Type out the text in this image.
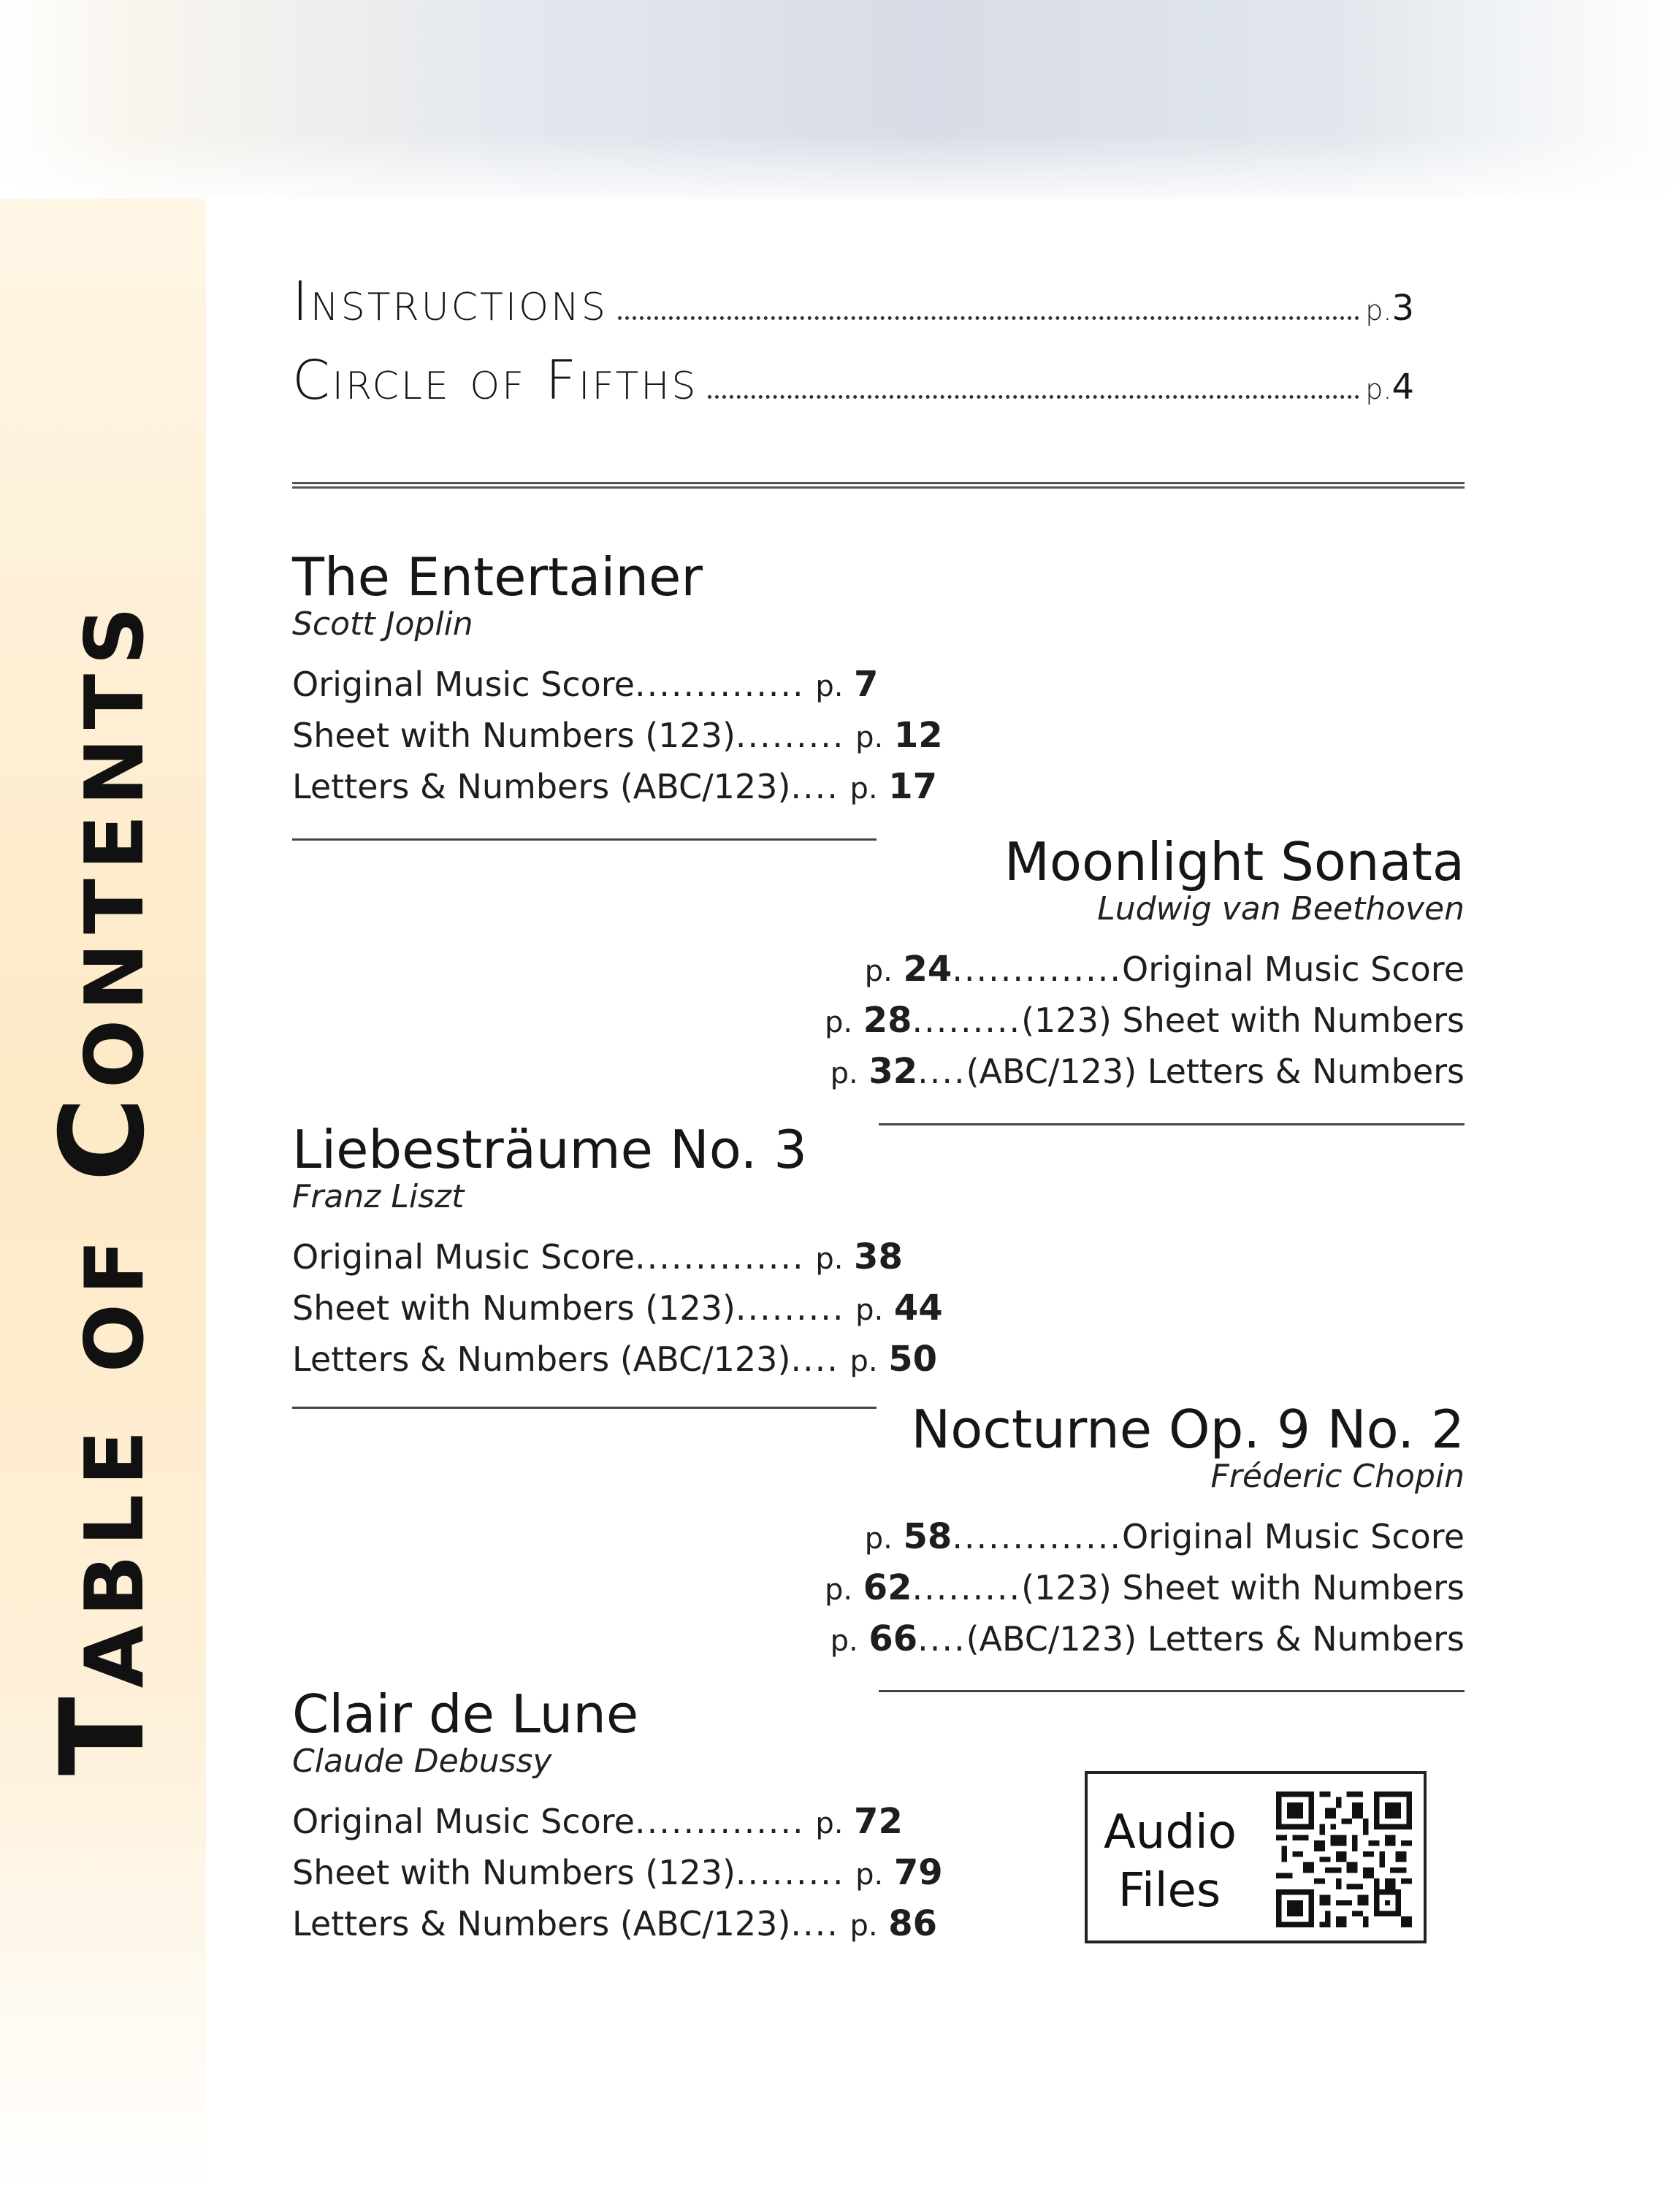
Table of Contents
Instructions	p.3
Circle of Fifths	p.4
The Entertainer
Scott Joplin
Original Music Score.............. p. 7
Sheet with Numbers (123)......... p. 12
Letters & Numbers (ABC/123).... p. 17
Moonlight Sonata
Ludwig van Beethoven
p. 24..............Original Music Score
p. 28.........(123) Sheet with Numbers
p. 32....(ABC/123) Letters & Numbers
Liebesträume No. 3
Franz Liszt
Original Music Score.............. p. 38
Sheet with Numbers (123)......... p. 44
Letters & Numbers (ABC/123).... p. 50
Nocturne Op. 9 No. 2
Fréderic Chopin
p. 58..............Original Music Score
p. 62.........(123) Sheet with Numbers
p. 66....(ABC/123) Letters & Numbers
Clair de Lune
Claude Debussy
Original Music Score.............. p. 72
Sheet with Numbers (123)......... p. 79
Letters & Numbers (ABC/123).... p. 86
Audio
Files
